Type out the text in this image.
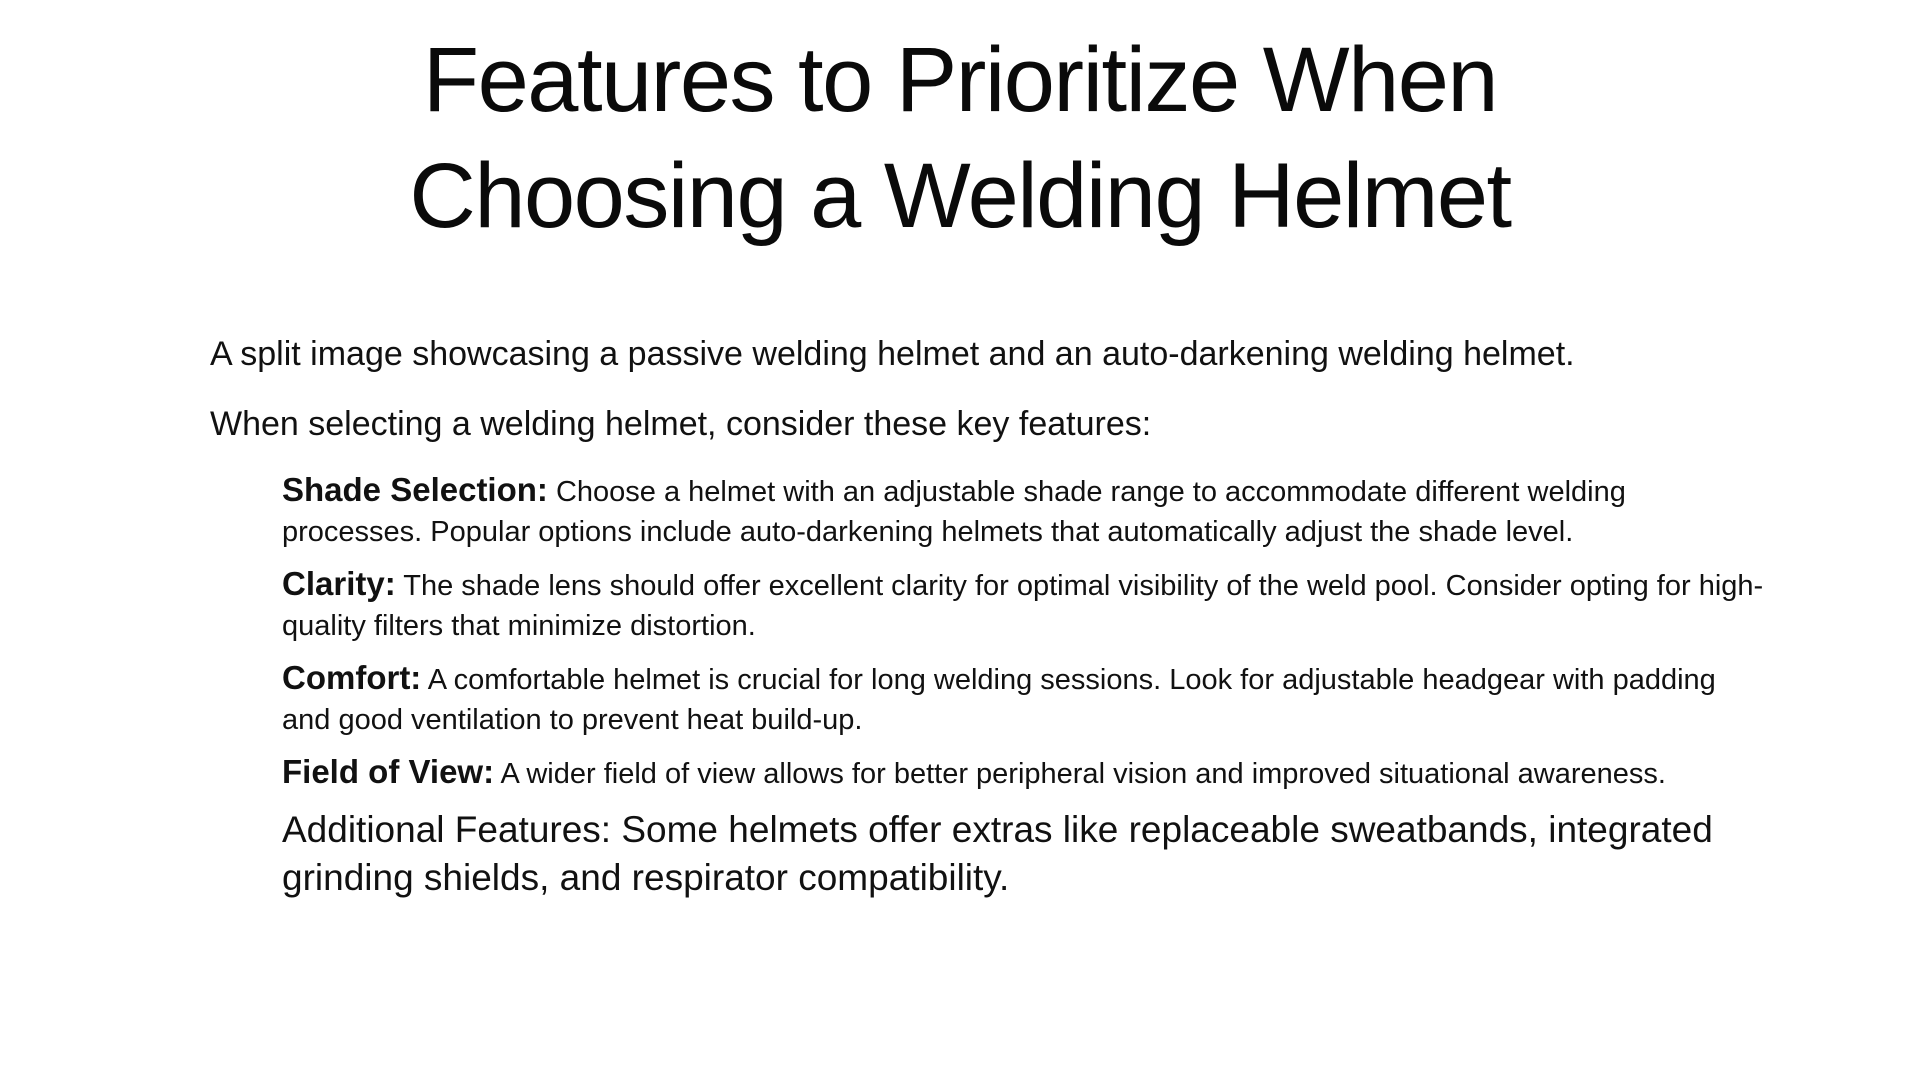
Features to Prioritize When
Choosing a Welding Helmet

A split image showcasing a passive welding helmet and an auto-darkening welding helmet.

When selecting a welding helmet, consider these key features:

Shade Selection: Choose a helmet with an adjustable shade range to accommodate different welding processes. Popular options include auto-darkening helmets that automatically adjust the shade level.
Clarity: The shade lens should offer excellent clarity for optimal visibility of the weld pool. Consider opting for high-quality filters that minimize distortion.
Comfort: A comfortable helmet is crucial for long welding sessions. Look for adjustable headgear with padding and good ventilation to prevent heat build-up.
Field of View: A wider field of view allows for better peripheral vision and improved situational awareness.
Additional Features: Some helmets offer extras like replaceable sweatbands, integrated grinding shields, and respirator compatibility.
